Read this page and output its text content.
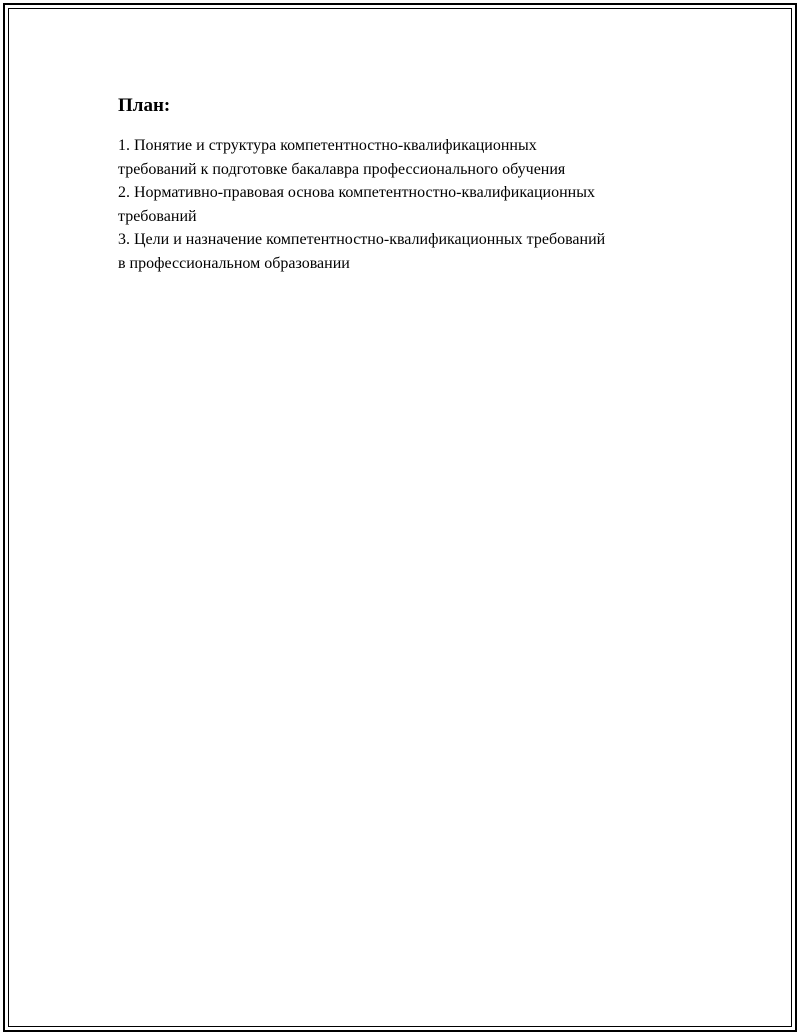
План:
1. Понятие и структура компетентностно-квалификационных
требований к подготовке бакалавра профессионального обучения
2. Нормативно-правовая основа компетентностно-квалификационных
требований
3. Цели и назначение компетентностно-квалификационных требований
в профессиональном образовании
